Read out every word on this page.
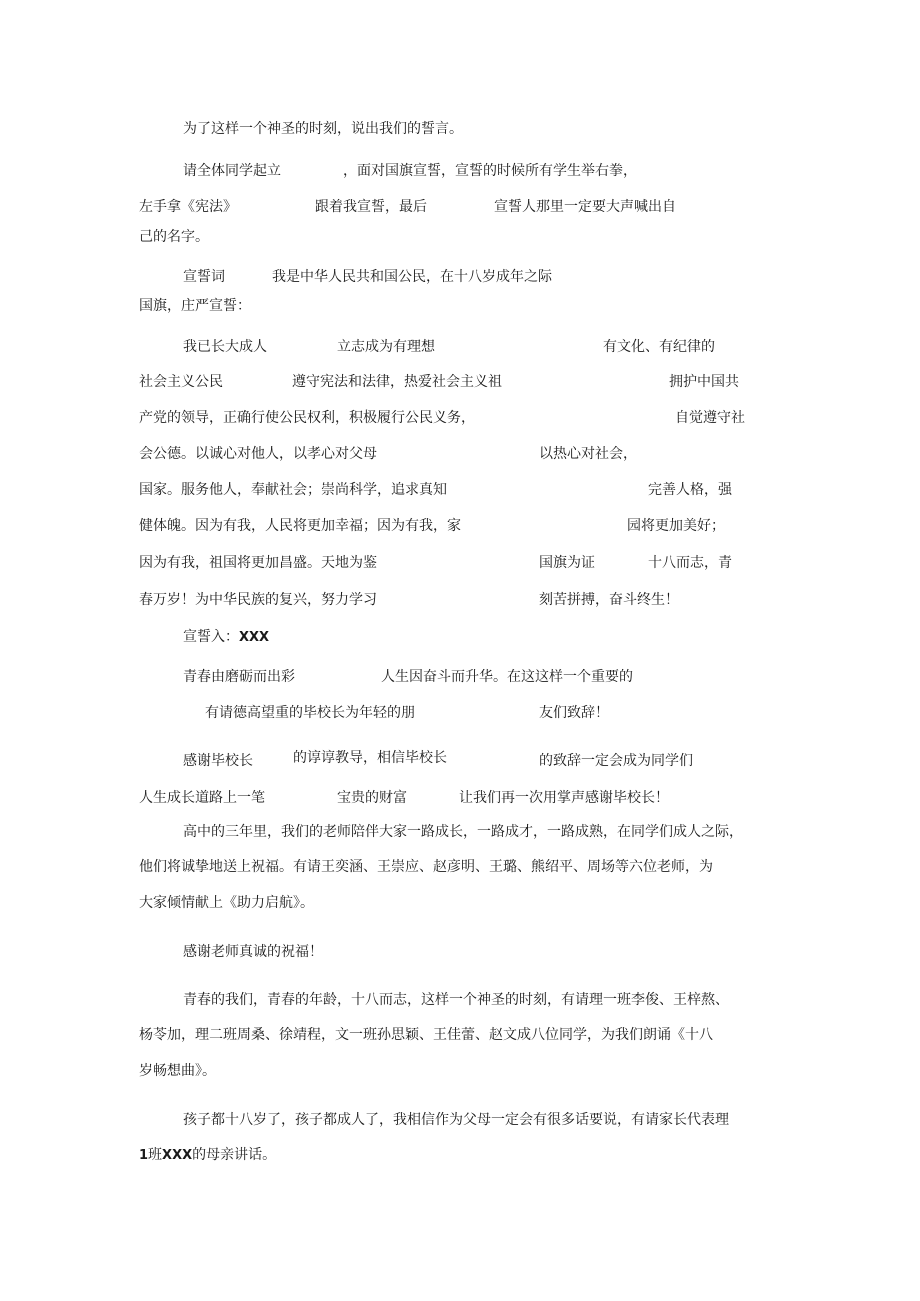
为了这样一个神圣的时刻，说出我们的誓言。
请全体同学起立	，面对国旗宣誓，宣誓的时候所有学生举右拳，
左手拿《宪法》	跟着我宣誓，最后	宣誓人那里一定要大声喊出自
己的名字。
宣誓词	我是中华人民共和国公民，在十八岁成年之际
国旗，庄严宣誓：
我已长大成人	立志成为有理想	有文化、有纪律的
社会主义公民	遵守宪法和法律，热爱社会主义祖	拥护中国共
产党的领导，正确行使公民权利，积极履行公民义务，	自觉遵守社
会公德。以诚心对他人，以孝心对父母	以热心对社会，
国家。服务他人，奉献社会；崇尚科学，追求真知	完善人格，强
健体魄。因为有我，人民将更加幸福；因为有我，家	园将更加美好；
因为有我，祖国将更加昌盛。天地为鉴	国旗为证	十八而志，青
春万岁！为中华民族的复兴，努力学习	刻苦拼搏，奋斗终生！
宣誓入：XXX
青春由磨砺而出彩	人生因奋斗而升华。在这这样一个重要的
有请德高望重的毕校长为年轻的朋	友们致辞！
感谢毕校长	的谆谆教导，相信毕校长	的致辞一定会成为同学们
人生成长道路上一笔	宝贵的财富	让我们再一次用掌声感谢毕校长！
高中的三年里，我们的老师陪伴大家一路成长，一路成才，一路成熟，在同学们成人之际，
他们将诚挚地送上祝福。有请王奕涵、王崇应、赵彦明、王璐、熊绍平、周场等六位老师，为
大家倾情献上《助力启航》。
感谢老师真诚的祝福！
青春的我们，青春的年龄，十八而志，这样一个神圣的时刻，有请理一班李俊、王梓熬、
杨苓加，理二班周桑、徐靖程，文一班孙思颖、王佳蕾、赵文成八位同学，为我们朗诵《十八
岁畅想曲》。
孩子都十八岁了，孩子都成人了，我相信作为父母一定会有很多话要说，有请家长代表理
1班XXX的母亲讲话。
